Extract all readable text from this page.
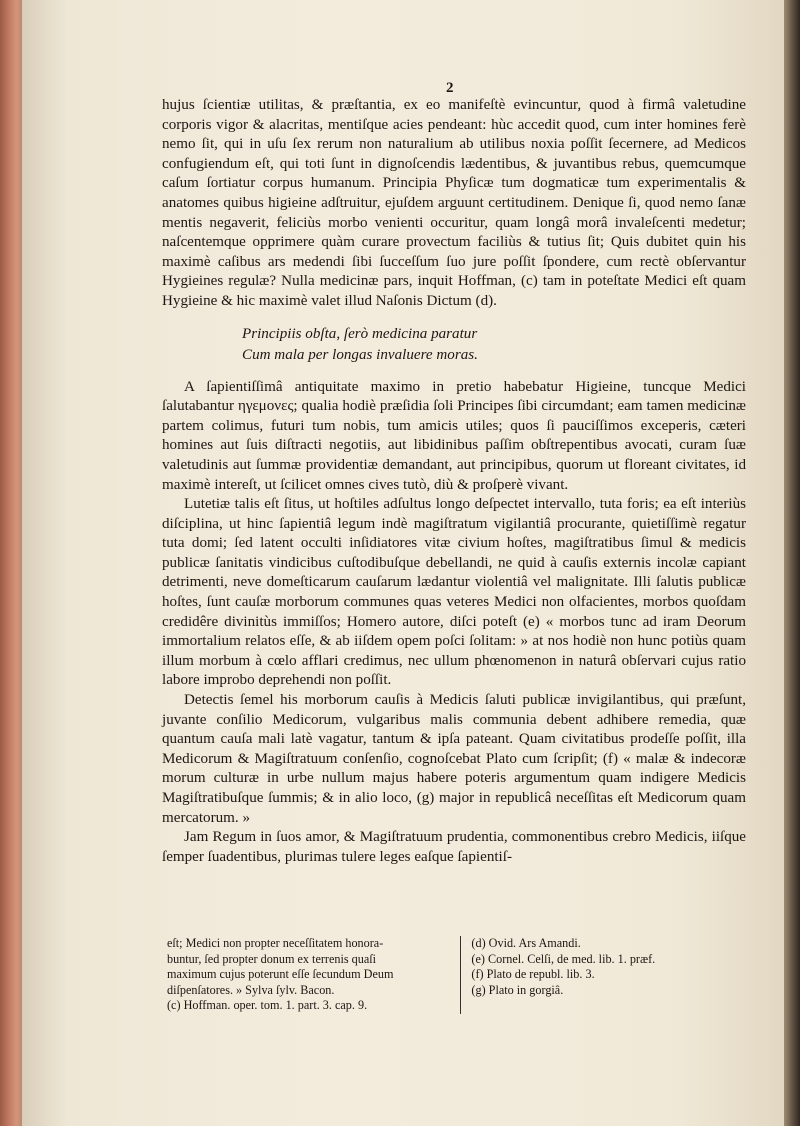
2

hujus ſcientiæ utilitas, & præſtantia, ex eo manifeſtè evincuntur, quod à firmâ valetudine corporis vigor & alacritas, mentiſque acies pendeant: hùc accedit quod, cum inter homines ferè nemo ſit, qui in uſu ſex rerum non naturalium ab utilibus noxia poſſit ſecernere, ad Medicos confugiendum eſt, qui toti ſunt in dignoſcendis lædentibus, & juvantibus rebus, quemcumque caſum ſortiatur corpus humanum. Principia Phyſicæ tum dogmaticæ tum experimentalis & anatomes quibus higieine adſtruitur, ejuſdem arguunt certitudinem. Denique ſi, quod nemo ſanæ mentis negaverit, feliciùs morbo venienti occuritur, quam longâ morâ invaleſcenti medetur; naſcentemque opprimere quàm curare provectum faciliùs & tutius ſit; Quis dubitet quin his maximè caſibus ars medendi ſibi ſucceſſum ſuo jure poſſit ſpondere, cum rectè obſervantur Hygieines regulæ? Nulla medicinæ pars, inquit Hoffman, (c) tam in poteſtate Medici eſt quam Hygieine & hic maximè valet illud Naſonis Dictum (d).

Principiis obſta, ſerò medicina paratur
Cum mala per longas invaluere moras.

A ſapientiſſimâ antiquitate maximo in pretio habebatur Higieine, tuncque Medici ſalutabantur ηγεμονες; qualia hodiè præſidia ſoli Principes ſibi circumdant; eam tamen medicinæ partem colimus, futuri tum nobis, tum amicis utiles; quos ſi pauciſſimos exceperis, cæteri homines aut ſuis diſtracti negotiis, aut libidinibus paſſim obſtrepentibus avocati, curam ſuæ valetudinis aut ſummæ providentiæ demandant, aut principibus, quorum ut floreant civitates, id maximè intereſt, ut ſcilicet omnes cives tutò, diù & proſperè vivant.

Lutetiæ talis eſt ſitus, ut hoſtiles adſultus longo deſpectet intervallo, tuta foris; ea eſt interiùs diſciplina, ut hinc ſapientiâ legum indè magiſtratum vigilantiâ procurante, quietiſſimè regatur tuta domi; ſed latent occulti inſidiatores vitæ civium hoſtes, magiſtratibus ſimul & medicis publicæ ſanitatis vindicibus cuſtodibuſque debellandi, ne quid à cauſis externis incolæ capiant detrimenti, neve domeſticarum cauſarum lædantur violentiâ vel malignitate. Illi ſalutis publicæ hoſtes, ſunt cauſæ morborum communes quas veteres Medici non olfacientes, morbos quoſdam credidêre divinitùs immiſſos; Homero autore, diſci poteſt (e) « morbos tunc ad iram Deorum immortalium relatos eſſe, & ab iiſdem opem poſci ſolitam: » at nos hodiè non hunc potiùs quam illum morbum à cœlo afflari credimus, nec ullum phœnomenon in naturâ obſervari cujus ratio labore improbo deprehendi non poſſit.

Detectis ſemel his morborum cauſis à Medicis ſaluti publicæ invigilantibus, qui præſunt, juvante conſilio Medicorum, vulgaribus malis communia debent adhibere remedia, quæ quantum cauſa mali latè vagatur, tantum & ipſa pateant. Quam civitatibus prodeſſe poſſit, illa Medicorum & Magiſtratuum conſenſio, cognoſcebat Plato cum ſcripſit; (f) « malæ & indecoræ morum culturæ in urbe nullum majus habere poteris argumentum quam indigere Medicis Magiſtratibuſque ſummis; & in alio loco, (g) major in republicâ neceſſitas eſt Medicorum quam mercatorum. »

Jam Regum in ſuos amor, & Magiſtratuum prudentia, commonentibus crebro Medicis, iiſque ſemper ſuadentibus, plurimas tulere leges eaſque ſapientiſ-

eſt; Medici non propter neceſſitatem honora-
buntur, ſed propter donum ex terrenis quaſi
maximum cujus poterunt eſſe ſecundum Deum
diſpenſatores. » Sylva ſylv. Bacon.
(c) Hoffman. oper. tom. 1. part. 3. cap. 9.
(d) Ovid. Ars Amandi.
(e) Cornel. Celſi, de med. lib. 1. præf.
(f) Plato de republ. lib. 3.
(g) Plato in gorgiâ.
